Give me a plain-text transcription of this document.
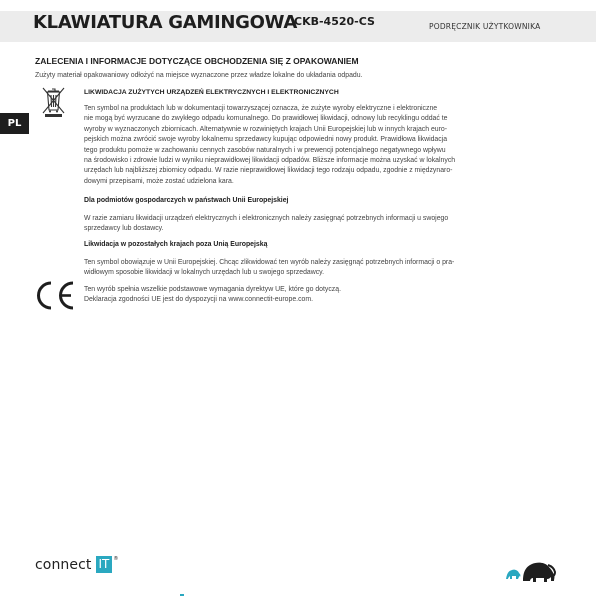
KLAWIATURA GAMINGOWA
CKB-4520-CS	PODRĘCZNIK UŻYTKOWNIKA
PL
ZALECENIA I INFORMACJE DOTYCZĄCE OBCHODZENIA SIĘ Z OPAKOWANIEM

Zużyty materiał opakowaniowy odłożyć na miejsce wyznaczone przez władze lokalne do układania odpadu.

LIKWIDACJA ZUŻYTYCH URZĄDZEŃ ELEKTRYCZNYCH I ELEKTRONICZNYCH

Ten symbol na produktach lub w dokumentacji towarzyszącej oznacza, że zużyte wyroby elektryczne i elektroniczne
nie mogą być wyrzucane do zwykłego odpadu komunalnego. Do prawidłowej likwidacji, odnowy lub recyklingu oddać te
wyroby w wyznaczonych zbiornicach. Alternatywnie w rozwiniętych krajach Unii Europejskiej lub w innych krajach euro-
pejskich można zwrócić swoje wyroby lokalnemu sprzedawcy kupując odpowiedni nowy produkt. Prawidłowa likwidacja
tego produktu pomoże w zachowaniu cennych zasobów naturalnych i w prewencji potencjalnego negatywnego wpływu
na środowisko i zdrowie ludzi w wyniku nieprawidłowej likwidacji odpadów. Bliższe informacje można uzyskać w lokalnych
urzędach lub najbliższej zbiornicy odpadu. W razie nieprawidłowej likwidacji tego rodzaju odpadu, zgodnie z międzynaro-
dowymi przepisami, może zostać udzielona kara.

Dla podmiotów gospodarczych w państwach Unii Europejskiej

W razie zamiaru likwidacji urządzeń elektrycznych i elektronicznych należy zasięgnąć potrzebnych informacji u swojego
sprzedawcy lub dostawcy.

Likwidacja w pozostałych krajach poza Unią Europejską

Ten symbol obowiązuje w Unii Europejskiej. Chcąc zlikwidować ten wyrób należy zasięgnąć potrzebnych informacji o pra-
widłowym sposobie likwidacji w lokalnych urzędach lub u swojego sprzedawcy.
Ten wyrób spełnia wszelkie podstawowe wymagania dyrektyw UE, które go dotyczą.
Deklaracja zgodności UE jest do dyspozycji na www.connectit-europe.com.
connect IT ®
